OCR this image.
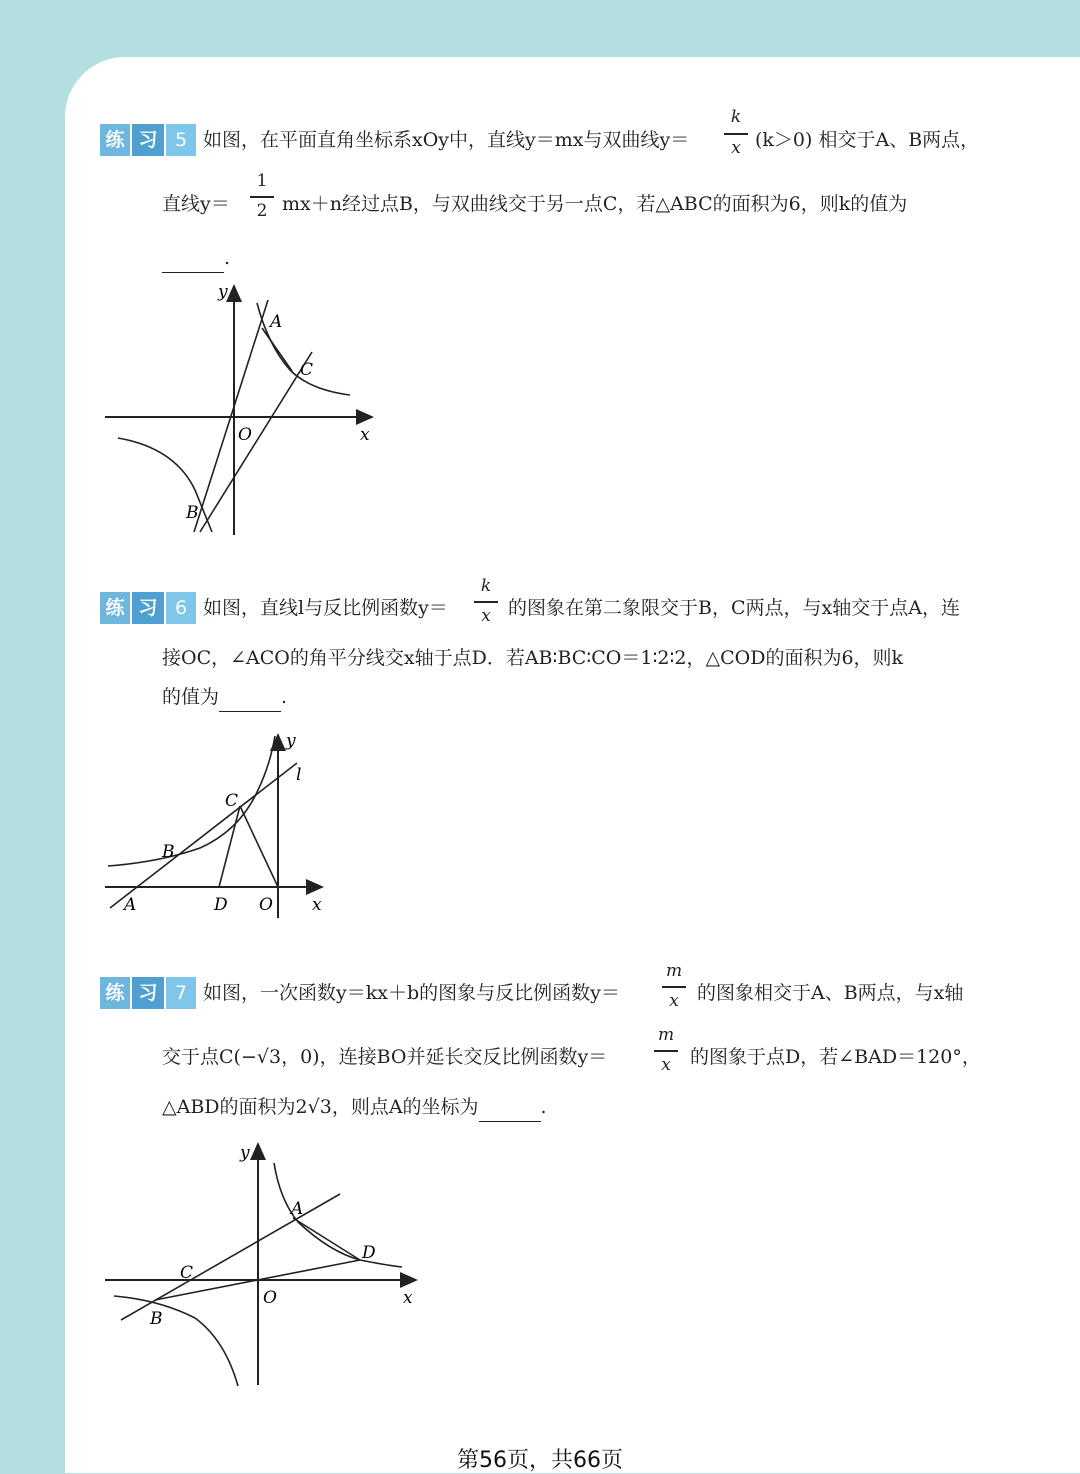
练 习 5 如图，在平面直角坐标系xOy中，直线y＝mx与双曲线y＝
k
x (k＞0) 相交于A、B两点，
直线y＝
1
2 mx＋n经过点B，与双曲线交于另一点C，若△ABC的面积为6，则k的值为
.
y
x
O
A
C
B
练 习 6 如图，直线l与反比例函数y＝
k
x 的图象在第二象限交于B，C两点，与x轴交于点A，连
接OC，∠ACO的角平分线交x轴于点D．若AB∶BC∶CO＝1∶2∶2，△COD的面积为6，则k
的值为	.
y
l
C
B
A	D O x
练 习 7 如图，一次函数y＝kx＋b的图象与反比例函数y＝
m
x 的图象相交于A、B两点，与x轴
交于点C(−√3，0)，连接BO并延长交反比例函数y＝
m
x	的图象于点D，若∠BAD＝120°，
△ABD的面积为2√3，则点A的坐标为	.
y
A
D
C
O	x
B
第56页，共66页
